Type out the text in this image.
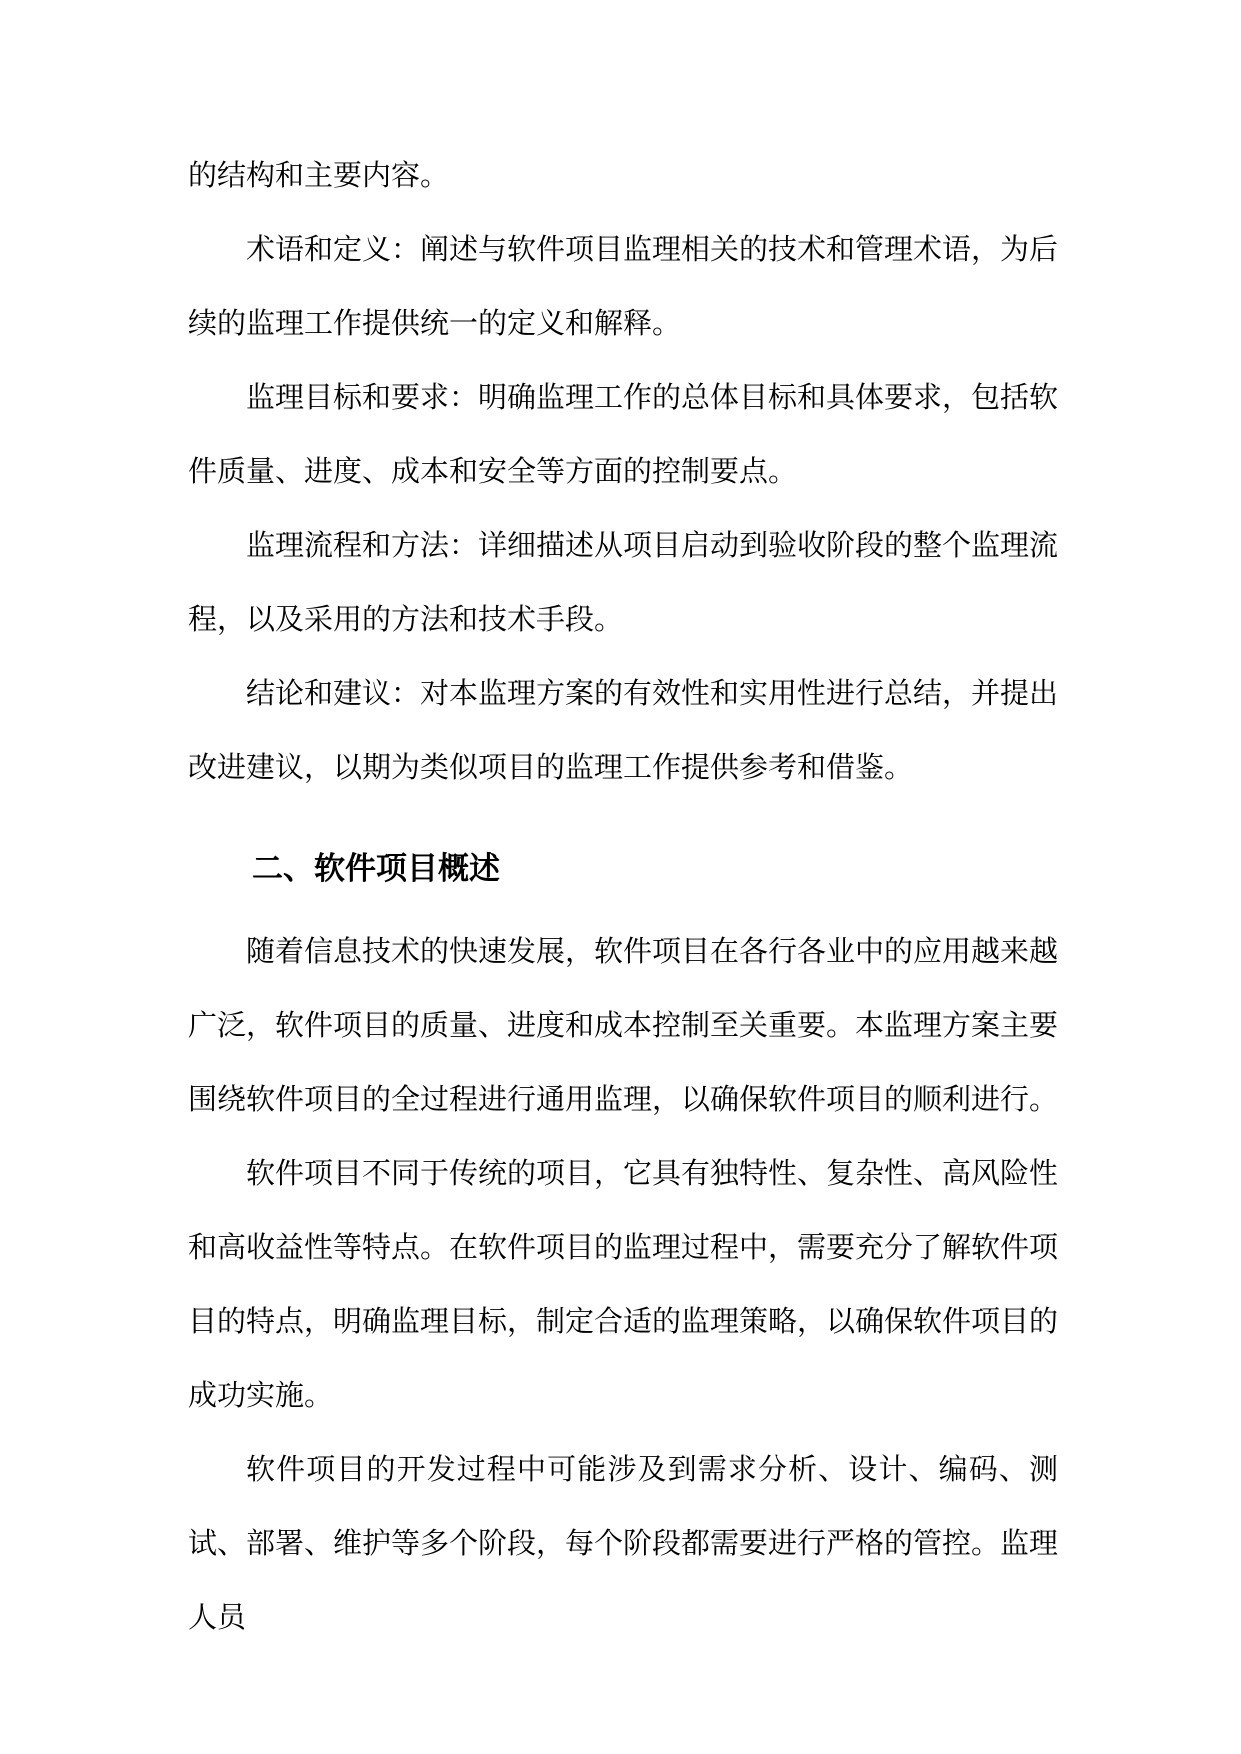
的结构和主要内容。

术语和定义：阐述与软件项目监理相关的技术和管理术语，为后续的监理工作提供统一的定义和解释。

监理目标和要求：明确监理工作的总体目标和具体要求，包括软件质量、进度、成本和安全等方面的控制要点。

监理流程和方法：详细描述从项目启动到验收阶段的整个监理流程，以及采用的方法和技术手段。

结论和建议：对本监理方案的有效性和实用性进行总结，并提出改进建议，以期为类似项目的监理工作提供参考和借鉴。

二、软件项目概述

随着信息技术的快速发展，软件项目在各行各业中的应用越来越广泛，软件项目的质量、进度和成本控制至关重要。本监理方案主要围绕软件项目的全过程进行通用监理，以确保软件项目的顺利进行。

软件项目不同于传统的项目，它具有独特性、复杂性、高风险性和高收益性等特点。在软件项目的监理过程中，需要充分了解软件项目的特点，明确监理目标，制定合适的监理策略，以确保软件项目的成功实施。

软件项目的开发过程中可能涉及到需求分析、设计、编码、测试、部署、维护等多个阶段，每个阶段都需要进行严格的管控。监理人员
